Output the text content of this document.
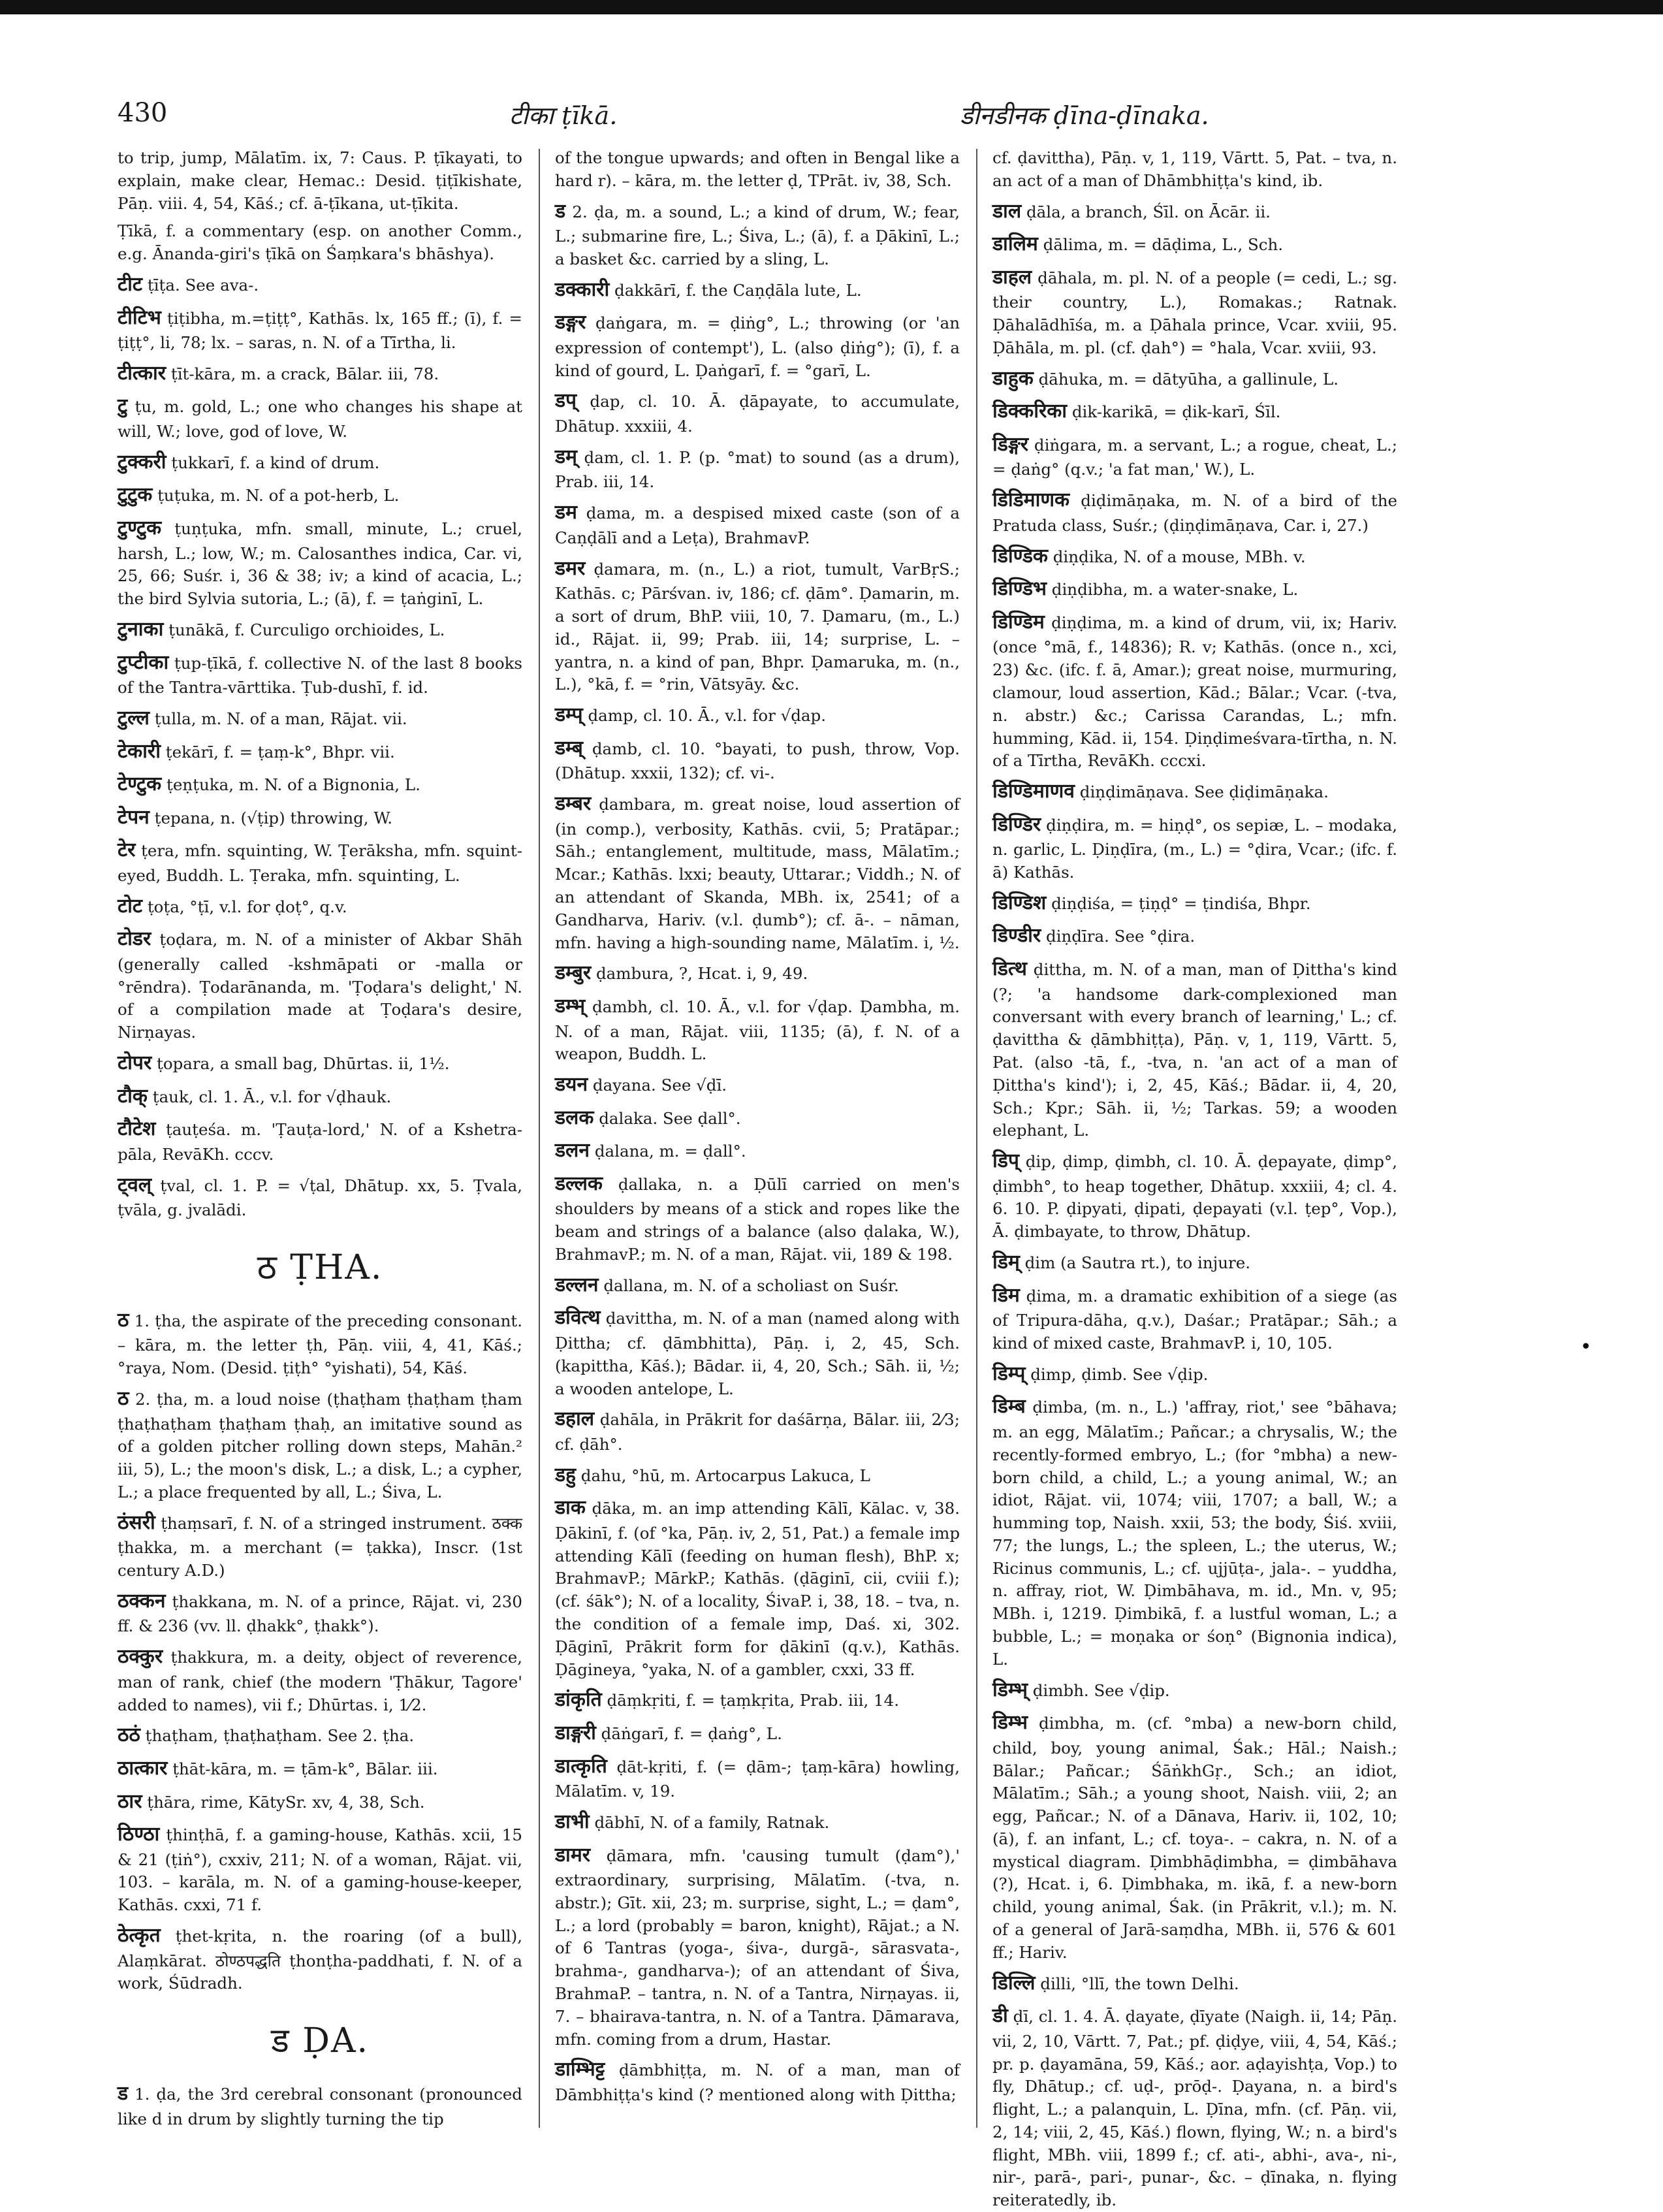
430	टीका ṭīkā.	डीनडीनक ḍīna-ḍīnaka.
to trip, jump, Mālatīm. ix, 7: Caus. P. ṭīkayati, to explain, make clear, Hemac.: Desid. ṭiṭīkishate, Pāṇ. viii. 4, 54, Kāś.; cf. ā-ṭīkana, ut-ṭīkita.
Ṭīkā, f. a commentary (esp. on another Comm., e.g. Ānanda-giri's ṭīkā on Śaṃkara's bhāshya).
टीट ṭīṭa. See ava-.
टीटिभ ṭiṭibha, m.=ṭiṭṭ°, Kathās. lx, 165 ff.; (ī), f. = ṭiṭṭ°, li, 78; lx. – saras, n. N. of a Tīrtha, li.
टीत्कार ṭīt-kāra, m. a crack, Bālar. iii, 78.
टु ṭu, m. gold, L.; one who changes his shape at will, W.; love, god of love, W.
टुक्करी ṭukkarī, f. a kind of drum.
टुटुक ṭuṭuka, m. N. of a pot-herb, L.
टुण्टुक ṭuṇṭuka, mfn. small, minute, L.; cruel, harsh, L.; low, W.; m. Calosanthes indica, Car. vi, 25, 66; Suśr. i, 36 & 38; iv; a kind of acacia, L.; the bird Sylvia sutoria, L.; (ā), f. = ṭaṅginī, L.
टुनाका ṭunākā, f. Curculigo orchioides, L.
टुप्टीका ṭup-ṭīkā, f. collective N. of the last 8 books of the Tantra-vārttika. Ṭub-dushī, f. id.
टुल्ल ṭulla, m. N. of a man, Rājat. vii.
टेकारी ṭekārī, f. = ṭaṃ-k°, Bhpr. vii.
टेण्टुक ṭeṇṭuka, m. N. of a Bignonia, L.
टेपन ṭepana, n. (√ṭip) throwing, W.
टेर ṭera, mfn. squinting, W. Ṭerāksha, mfn. squint-eyed, Buddh. L. Ṭeraka, mfn. squinting, L.
टोट ṭoṭa, °ṭī, v.l. for ḍoṭ°, q.v.
टोडर ṭoḍara, m. N. of a minister of Akbar Shāh (generally called -kshmāpati or -malla or °rēndra). Ṭodarānanda, m. 'Ṭoḍara's delight,' N. of a compilation made at Ṭoḍara's desire, Nirṇayas.
टोपर ṭopara, a small bag, Dhūrtas. ii, 1½.
टौक् ṭauk, cl. 1. Ā., v.l. for √ḍhauk.
टौटेश ṭauṭeśa. m. 'Ṭauṭa-lord,' N. of a Kshetra-pāla, RevāKh. cccv.
ट्वल् ṭval, cl. 1. P. = √ṭal, Dhātup. xx, 5. Ṭvala, ṭvāla, g. jvalādi.
ठ ṬHA.
ठ 1. ṭha, the aspirate of the preceding consonant. – kāra, m. the letter ṭh, Pāṇ. viii, 4, 41, Kāś.; °raya, Nom. (Desid. ṭiṭh° °yishati), 54, Kāś.
ठ 2. ṭha, m. a loud noise (ṭhaṭham ṭhaṭham ṭham ṭhaṭhaṭham ṭhaṭham ṭhaḥ, an imitative sound as of a golden pitcher rolling down steps, Mahān.² iii, 5), L.; the moon's disk, L.; a disk, L.; a cypher, L.; a place frequented by all, L.; Śiva, L.
ठंसरी ṭhaṃsarī, f. N. of a stringed instrument. ठक्क ṭhakka, m. a merchant (= ṭakka), Inscr. (1st century A.D.)
ठक्कन ṭhakkana, m. N. of a prince, Rājat. vi, 230 ff. & 236 (vv. ll. ḍhakk°, ṭhakk°).
ठक्कुर ṭhakkura, m. a deity, object of reverence, man of rank, chief (the modern 'Ṭhākur, Tagore' added to names), vii f.; Dhūrtas. i, 1⁄2.
ठठं ṭhaṭham, ṭhaṭhaṭham. See 2. ṭha.
ठात्कार ṭhāt-kāra, m. = ṭām-k°, Bālar. iii.
ठार ṭhāra, rime, KātySr. xv, 4, 38, Sch.
ठिण्ठा ṭhinṭhā, f. a gaming-house, Kathās. xcii, 15 & 21 (ṭiṅ°), cxxiv, 211; N. of a woman, Rājat. vii, 103. – karāla, m. N. of a gaming-house-keeper, Kathās. cxxi, 71 f.
ठेत्कृत ṭhet-kṛita, n. the roaring (of a bull), Alaṃkārat. ठोण्ठपद्धति ṭhonṭha-paddhati, f. N. of a work, Śūdradh.
ड ḌA.
ड 1. ḍa, the 3rd cerebral consonant (pronounced like d in drum by slightly turning the tip
of the tongue upwards; and often in Bengal like a hard r). – kāra, m. the letter ḍ, TPrāt. iv, 38, Sch.
ड 2. ḍa, m. a sound, L.; a kind of drum, W.; fear, L.; submarine fire, L.; Śiva, L.; (ā), f. a Ḍākinī, L.; a basket &c. carried by a sling, L.
डक्कारी ḍakkārī, f. the Caṇḍāla lute, L.
डङ्गर ḍaṅgara, m. = ḍiṅg°, L.; throwing (or 'an expression of contempt'), L. (also ḍiṅg°); (ī), f. a kind of gourd, L. Ḍaṅgarī, f. = °garī, L.
डप् ḍap, cl. 10. Ā. ḍāpayate, to accumulate, Dhātup. xxxiii, 4.
डम् ḍam, cl. 1. P. (p. °mat) to sound (as a drum), Prab. iii, 14.
डम ḍama, m. a despised mixed caste (son of a Caṇḍālī and a Leṭa), BrahmavP.
डमर ḍamara, m. (n., L.) a riot, tumult, VarBṛS.; Kathās. c; Pārśvan. iv, 186; cf. ḍām°. Ḍamarin, m. a sort of drum, BhP. viii, 10, 7. Ḍamaru, (m., L.) id., Rājat. ii, 99; Prab. iii, 14; surprise, L. – yantra, n. a kind of pan, Bhpr. Ḍamaruka, m. (n., L.), °kā, f. = °rin, Vātsyāy. &c.
डम्प् ḍamp, cl. 10. Ā., v.l. for √ḍap.
डम्ब् ḍamb, cl. 10. °bayati, to push, throw, Vop. (Dhātup. xxxii, 132); cf. vi-.
डम्बर ḍambara, m. great noise, loud assertion of (in comp.), verbosity, Kathās. cvii, 5; Pratāpar.; Sāh.; entanglement, multitude, mass, Mālatīm.; Mcar.; Kathās. lxxi; beauty, Uttarar.; Viddh.; N. of an attendant of Skanda, MBh. ix, 2541; of a Gandharva, Hariv. (v.l. ḍumb°); cf. ā-. – nāman, mfn. having a high-sounding name, Mālatīm. i, ½.
डम्बुर ḍambura, ?, Hcat. i, 9, 49.
डम्भ् ḍambh, cl. 10. Ā., v.l. for √ḍap. Ḍambha, m. N. of a man, Rājat. viii, 1135; (ā), f. N. of a weapon, Buddh. L.
डयन ḍayana. See √ḍī.
डलक ḍalaka. See ḍall°.
डलन ḍalana, m. = ḍall°.
डल्लक ḍallaka, n. a Ḍūlī carried on men's shoulders by means of a stick and ropes like the beam and strings of a balance (also ḍalaka, W.), BrahmavP.; m. N. of a man, Rājat. vii, 189 & 198.
डल्लन ḍallana, m. N. of a scholiast on Suśr.
डवित्थ ḍavittha, m. N. of a man (named along with Ḍittha; cf. ḍāmbhitta), Pāṇ. i, 2, 45, Sch. (kapittha, Kāś.); Bādar. ii, 4, 20, Sch.; Sāh. ii, ½; a wooden antelope, L.
डहाल ḍahāla, in Prākrit for daśārṇa, Bālar. iii, 2⁄3; cf. ḍāh°.
डहु ḍahu, °hū, m. Artocarpus Lakuca, L
डाक ḍāka, m. an imp attending Kālī, Kālac. v, 38. Ḍākinī, f. (of °ka, Pāṇ. iv, 2, 51, Pat.) a female imp attending Kālī (feeding on human flesh), BhP. x; BrahmavP.; MārkP.; Kathās. (ḍāginī, cii, cviii f.); (cf. śāk°); N. of a locality, ŚivaP. i, 38, 18. – tva, n. the condition of a female imp, Daś. xi, 302. Ḍāginī, Prākrit form for ḍākinī (q.v.), Kathās. Ḍāgineya, °yaka, N. of a gambler, cxxi, 33 ff.
डांकृति ḍāṃkṛiti, f. = ṭaṃkṛita, Prab. iii, 14.
डाङ्गरी ḍāṅgarī, f. = ḍaṅg°, L.
डात्कृति ḍāt-kṛiti, f. (= ḍām-; ṭaṃ-kāra) howling, Mālatīm. v, 19.
डाभी ḍābhī, N. of a family, Ratnak.
डामर ḍāmara, mfn. 'causing tumult (ḍam°),' extraordinary, surprising, Mālatīm. (-tva, n. abstr.); Gīt. xii, 23; m. surprise, sight, L.; = ḍam°, L.; a lord (probably = baron, knight), Rājat.; a N. of 6 Tantras (yoga-, śiva-, durgā-, sārasvata-, brahma-, gandharva-); of an attendant of Śiva, BrahmaP. – tantra, n. N. of a Tantra, Nirṇayas. ii, 7. – bhairava-tantra, n. N. of a Tantra. Ḍāmarava, mfn. coming from a drum, Hastar.
डाम्भिट्ट ḍāmbhiṭṭa, m. N. of a man, man of Dāmbhiṭṭa's kind (? mentioned along with Ḍittha;
cf. ḍavittha), Pāṇ. v, 1, 119, Vārtt. 5, Pat. – tva, n. an act of a man of Dhāmbhiṭṭa's kind, ib.
डाल ḍāla, a branch, Śīl. on Ācār. ii.
डालिम ḍālima, m. = dāḍima, L., Sch.
डाहल ḍāhala, m. pl. N. of a people (= cedi, L.; sg. their country, L.), Romakas.; Ratnak. Ḍāhalādhīśa, m. a Ḍāhala prince, Vcar. xviii, 95. Ḍāhāla, m. pl. (cf. ḍah°) = °hala, Vcar. xviii, 93.
डाहुक ḍāhuka, m. = dātyūha, a gallinule, L.
डिक्करिका ḍik-karikā, = ḍik-karī, Śīl.
डिङ्गर ḍiṅgara, m. a servant, L.; a rogue, cheat, L.; = ḍaṅg° (q.v.; 'a fat man,' W.), L.
डिडिमाणक ḍiḍimāṇaka, m. N. of a bird of the Pratuda class, Suśr.; (ḍiṇḍimāṇava, Car. i, 27.)
डिण्डिक ḍiṇḍika, N. of a mouse, MBh. v.
डिण्डिभ ḍiṇḍibha, m. a water-snake, L.
डिण्डिम ḍiṇḍima, m. a kind of drum, vii, ix; Hariv. (once °mā, f., 14836); R. v; Kathās. (once n., xci, 23) &c. (ifc. f. ā, Amar.); great noise, murmuring, clamour, loud assertion, Kād.; Bālar.; Vcar. (-tva, n. abstr.) &c.; Carissa Carandas, L.; mfn. humming, Kād. ii, 154. Ḍiṇḍimeśvara-tīrtha, n. N. of a Tīrtha, RevāKh. cccxi.
डिण्डिमाणव ḍiṇḍimāṇava. See ḍiḍimāṇaka.
डिण्डिर ḍiṇḍira, m. = hiṇḍ°, os sepiæ, L. – modaka, n. garlic, L. Ḍiṇḍīra, (m., L.) = °ḍira, Vcar.; (ifc. f. ā) Kathās.
डिण्डिश ḍiṇḍiśa, = ṭiṇḍ° = ṭindiśa, Bhpr.
डिण्डीर ḍiṇḍīra. See °ḍira.
डित्थ ḍittha, m. N. of a man, man of Ḍittha's kind (?; 'a handsome dark-complexioned man conversant with every branch of learning,' L.; cf. ḍavittha & ḍāmbhiṭṭa), Pāṇ. v, 1, 119, Vārtt. 5, Pat. (also -tā, f., -tva, n. 'an act of a man of Ḍittha's kind'); i, 2, 45, Kāś.; Bādar. ii, 4, 20, Sch.; Kpr.; Sāh. ii, ½; Tarkas. 59; a wooden elephant, L.
डिप् ḍip, ḍimp, ḍimbh, cl. 10. Ā. ḍepayate, ḍimp°, ḍimbh°, to heap together, Dhātup. xxxiii, 4; cl. 4. 6. 10. P. ḍipyati, ḍipati, ḍepayati (v.l. ṭep°, Vop.), Ā. ḍimbayate, to throw, Dhātup.
डिम् ḍim (a Sautra rt.), to injure.
डिम ḍima, m. a dramatic exhibition of a siege (as of Tripura-dāha, q.v.), Daśar.; Pratāpar.; Sāh.; a kind of mixed caste, BrahmavP. i, 10, 105.
डिम्प् ḍimp, ḍimb. See √ḍip.
डिम्ब ḍimba, (m. n., L.) 'affray, riot,' see °bāhava; m. an egg, Mālatīm.; Pañcar.; a chrysalis, W.; the recently-formed embryo, L.; (for °mbha) a new-born child, a child, L.; a young animal, W.; an idiot, Rājat. vii, 1074; viii, 1707; a ball, W.; a humming top, Naish. xxii, 53; the body, Śiś. xviii, 77; the lungs, L.; the spleen, L.; the uterus, W.; Ricinus communis, L.; cf. ujjūṭa-, jala-. – yuddha, n. affray, riot, W. Ḍimbāhava, m. id., Mn. v, 95; MBh. i, 1219. Ḍimbikā, f. a lustful woman, L.; a bubble, L.; = moṇaka or śoṇ° (Bignonia indica), L.
डिम्भ् ḍimbh. See √ḍip.
डिम्भ ḍimbha, m. (cf. °mba) a new-born child, child, boy, young animal, Śak.; Hāl.; Naish.; Bālar.; Pañcar.; ŚāṅkhGṛ., Sch.; an idiot, Mālatīm.; Sāh.; a young shoot, Naish. viii, 2; an egg, Pañcar.; N. of a Dānava, Hariv. ii, 102, 10; (ā), f. an infant, L.; cf. toya-. – cakra, n. N. of a mystical diagram. Ḍimbhāḍimbha, = ḍimbāhava (?), Hcat. i, 6. Ḍimbhaka, m. ikā, f. a new-born child, young animal, Śak. (in Prākrit, v.l.); m. N. of a general of Jarā-saṃdha, MBh. ii, 576 & 601 ff.; Hariv.
डिल्लि ḍilli, °llī, the town Delhi.
डी ḍī, cl. 1. 4. Ā. ḍayate, ḍīyate (Naigh. ii, 14; Pāṇ. vii, 2, 10, Vārtt. 7, Pat.; pf. ḍiḍye, viii, 4, 54, Kāś.; pr. p. ḍayamāna, 59, Kāś.; aor. aḍayishṭa, Vop.) to fly, Dhātup.; cf. uḍ-, prōḍ-. Ḍayana, n. a bird's flight, L.; a palanquin, L. Ḍīna, mfn. (cf. Pāṇ. vii, 2, 14; viii, 2, 45, Kāś.) flown, flying, W.; n. a bird's flight, MBh. viii, 1899 f.; cf. ati-, abhi-, ava-, ni-, nir-, parā-, pari-, punar-, &c. – ḍīnaka, n. flying reiteratedly, ib.
•
